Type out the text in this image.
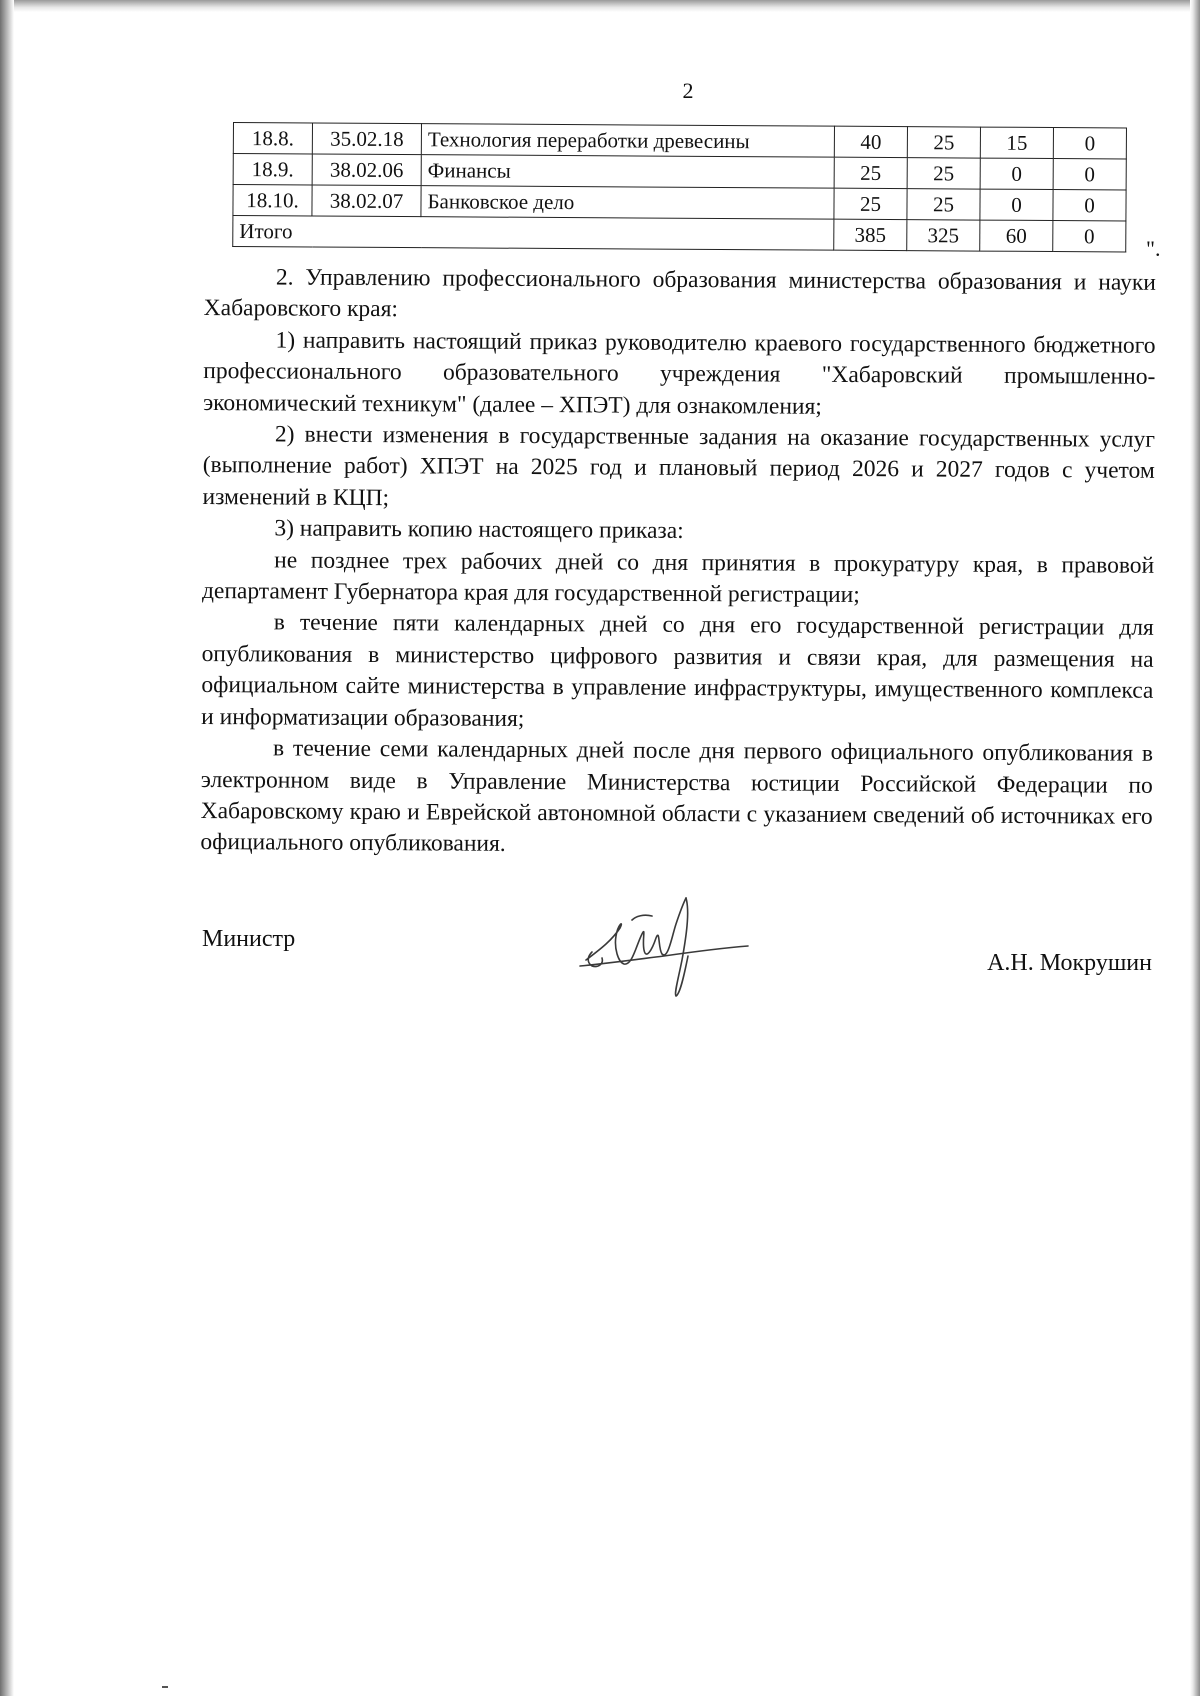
2
18.8.	35.02.18	Технология переработки древесины	40	25	15	0
18.9.	38.02.06	Финансы	25	25	0	0
18.10.	38.02.07	Банковское дело	25	25	0	0
Итого			385	325	60	0
".

2. Управлению профессионального образования министерства образования и науки Хабаровского края:

1) направить настоящий приказ руководителю краевого государственного бюджетного профессионального образовательного учреждения "Хабаровский промышленно-экономический техникум" (далее – ХПЭТ) для ознакомления;

2) внести изменения в государственные задания на оказание государственных услуг (выполнение работ) ХПЭТ на 2025 год и плановый период 2026 и 2027 годов с учетом изменений в КЦП;

3) направить копию настоящего приказа:

не позднее трех рабочих дней со дня принятия в прокуратуру края, в правовой департамент Губернатора края для государственной регистрации;

в течение пяти календарных дней со дня его государственной регистрации для опубликования в министерство цифрового развития и связи края, для размещения на официальном сайте министерства в управление инфраструктуры, имущественного комплекса и информатизации образования;

в течение семи календарных дней после дня первого официального опубликования в электронном виде в Управление Министерства юстиции Российской Федерации по Хабаровскому краю и Еврейской автономной области с указанием сведений об источниках его официального опубликования.

Министр
А.Н. Мокрушин
